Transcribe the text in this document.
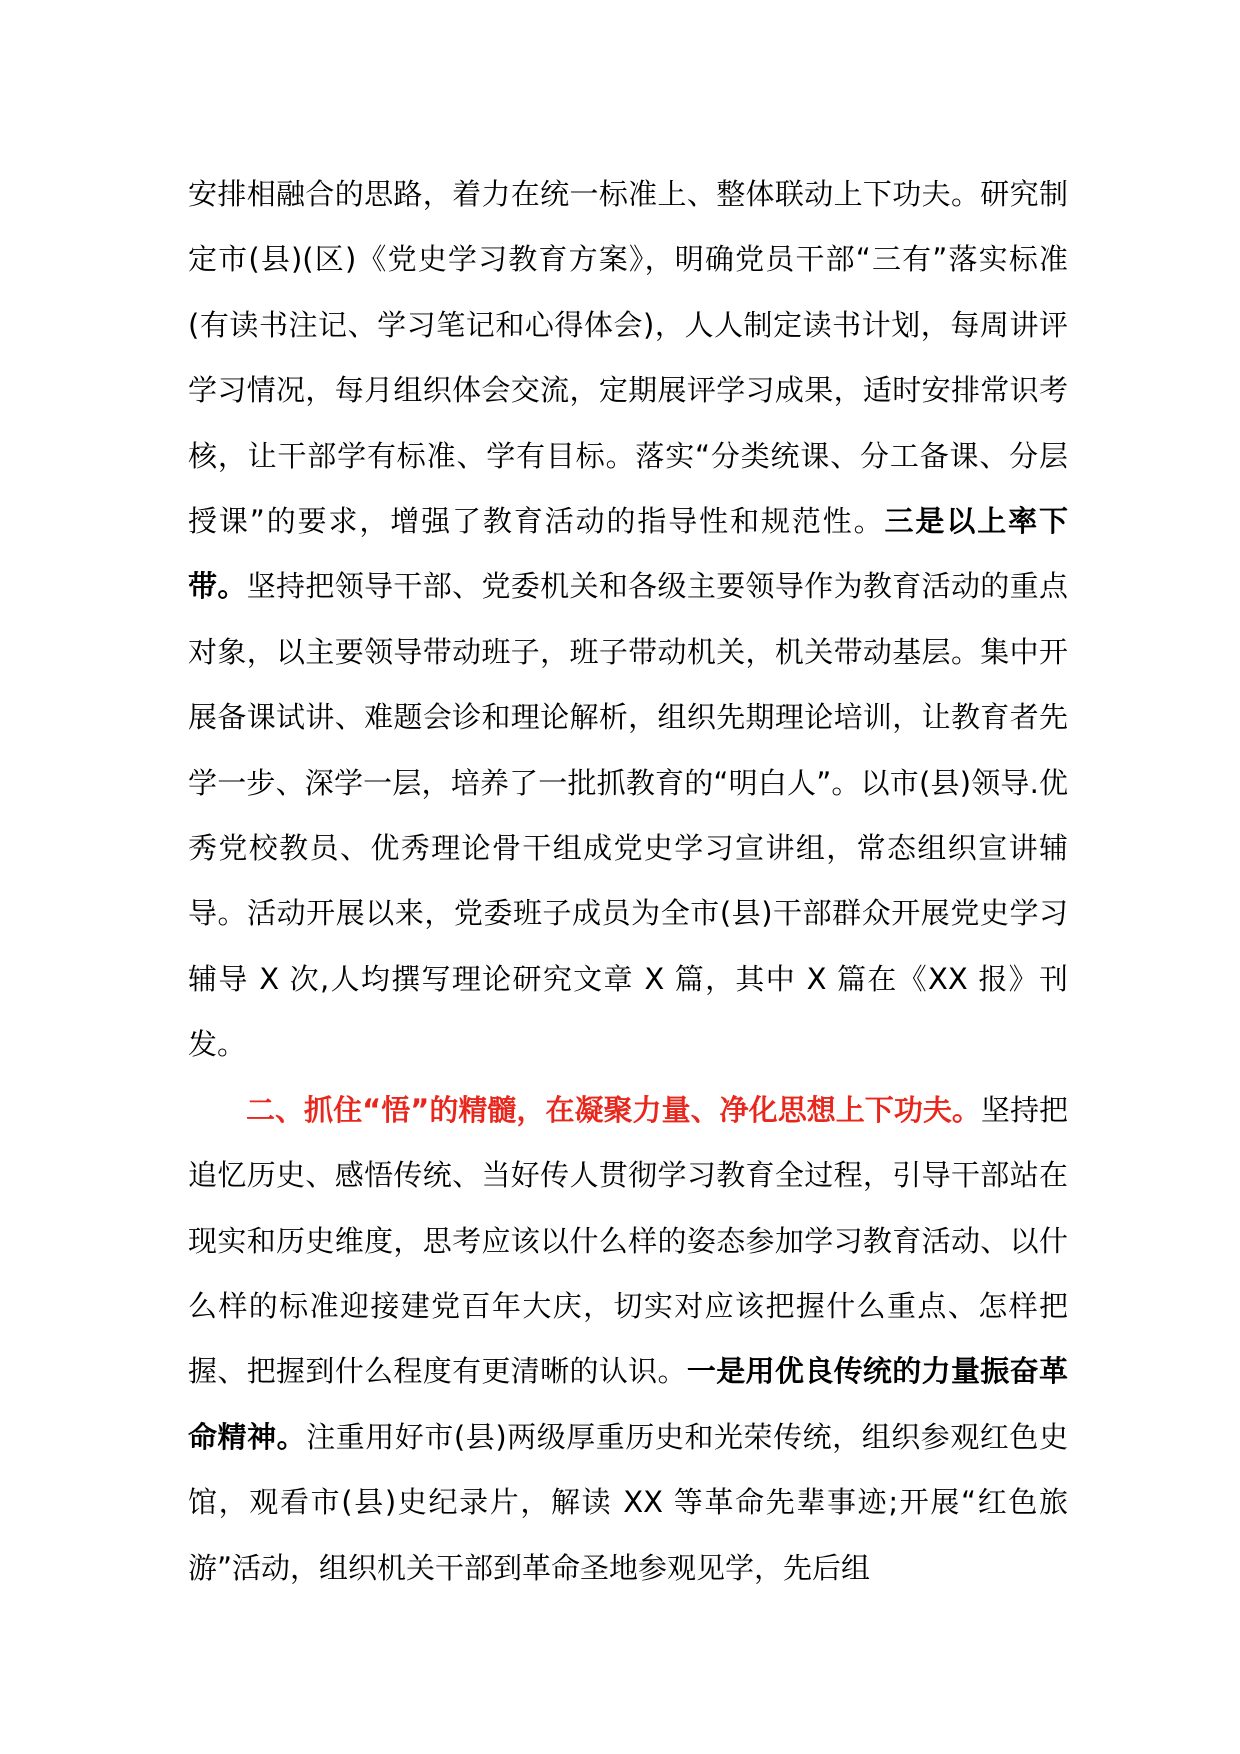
安排相融合的思路，着力在统一标准上、整体联动上下功夫。研究制定市(县)(区)《党史学习教育方案》，明确党员干部“三有”落实标准(有读书注记、学习笔记和心得体会)，人人制定读书计划，每周讲评学习情况，每月组织体会交流，定期展评学习成果，适时安排常识考核，让干部学有标准、学有目标。落实“分类统课、分工备课、分层授课”的要求，增强了教育活动的指导性和规范性。三是以上率下带。坚持把领导干部、党委机关和各级主要领导作为教育活动的重点对象，以主要领导带动班子，班子带动机关，机关带动基层。集中开展备课试讲、难题会诊和理论解析，组织先期理论培训，让教育者先学一步、深学一层，培养了一批抓教育的“明白人”。以市(县)领导.优秀党校教员、优秀理论骨干组成党史学习宣讲组，常态组织宣讲辅导。活动开展以来，党委班子成员为全市(县)干部群众开展党史学习辅导 X 次,人均撰写理论研究文章 X 篇，其中 X 篇在《XX 报》刊发。

二、抓住“悟”的精髓，在凝聚力量、净化思想上下功夫。坚持把追忆历史、感悟传统、当好传人贯彻学习教育全过程，引导干部站在现实和历史维度，思考应该以什么样的姿态参加学习教育活动、以什么样的标准迎接建党百年大庆，切实对应该把握什么重点、怎样把握、把握到什么程度有更清晰的认识。一是用优良传统的力量振奋革命精神。注重用好市(县)两级厚重历史和光荣传统，组织参观红色史馆，观看市(县)史纪录片，解读 XX 等革命先辈事迹;开展“红色旅游”活动，组织机关干部到革命圣地参观见学，先后组
